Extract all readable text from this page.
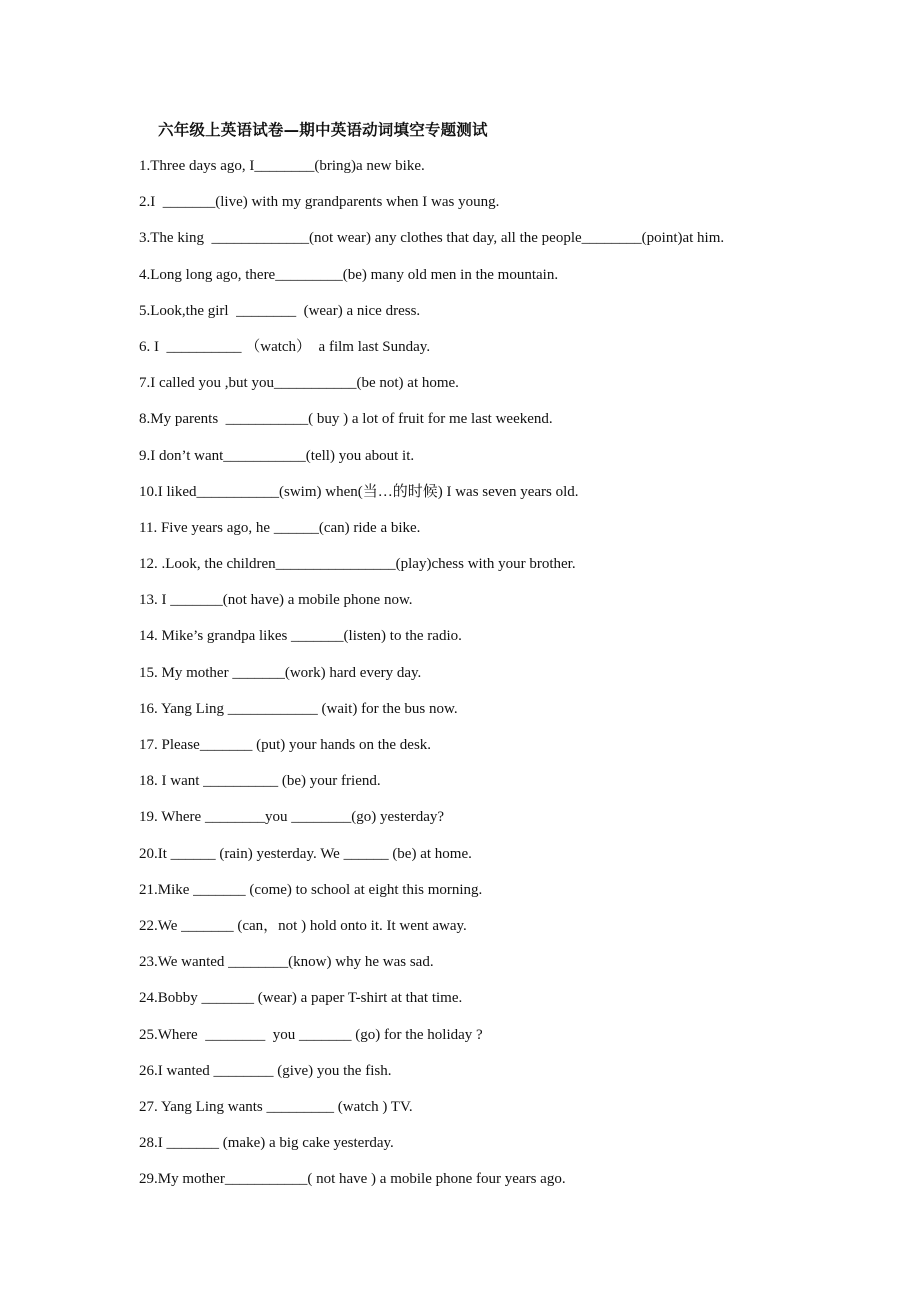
六年级上英语试卷—期中英语动词填空专题测试
1.Three days ago, I________(bring)a new bike.
2.I  _______(live) with my grandparents when I was young.
3.The king  _____________(not wear) any clothes that day, all the people________(point)at him.
4.Long long ago, there_________(be) many old men in the mountain.
5.Look,the girl  ________  (wear) a nice dress.
6. I  __________ （watch）  a film last Sunday.
7.I called you ,but you___________(be not) at home.
8.My parents  ___________( buy ) a lot of fruit for me last weekend.
9.I don’t want___________(tell) you about it.
10.I liked___________(swim) when(当…的时候) I was seven years old.
11. Five years ago, he ______(can) ride a bike.
12. .Look, the children________________(play)chess with your brother.
13. I _______(not have) a mobile phone now.
14. Mike’s grandpa likes _______(listen) to the radio.
15. My mother _______(work) hard every day.
16. Yang Ling ____________ (wait) for the bus now.
17. Please_______ (put) your hands on the desk.
18. I want __________ (be) your friend.
19. Where ________you ________(go) yesterday?
20.It ______ (rain) yesterday. We ______ (be) at home.
21.Mike _______ (come) to school at eight this morning.
22.We _______ (can，not ) hold onto it. It went away.
23.We wanted ________(know) why he was sad.
24.Bobby _______ (wear) a paper T-shirt at that time.
25.Where  ________  you _______ (go) for the holiday ?
26.I wanted ________ (give) you the fish.
27. Yang Ling wants _________ (watch ) TV.
28.I _______ (make) a big cake yesterday.
29.My mother___________( not have ) a mobile phone four years ago.
